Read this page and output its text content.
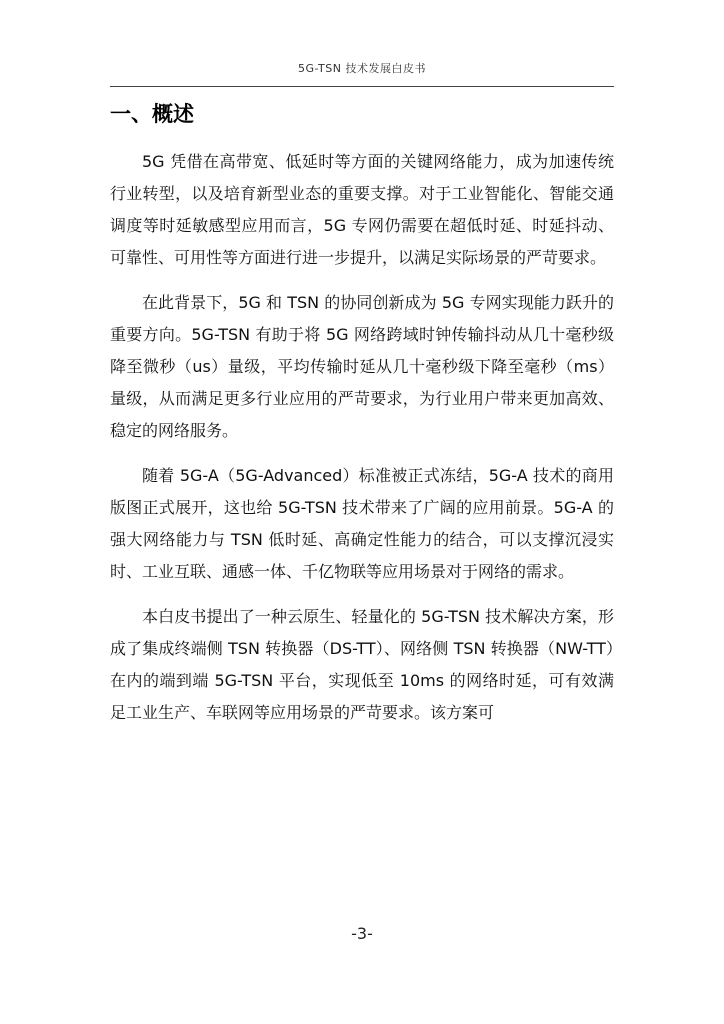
5G-TSN 技术发展白皮书
一、概述

5G 凭借在高带宽、低延时等方面的关键网络能力，成为加速传统行业转型，以及培育新型业态的重要支撑。对于工业智能化、智能交通调度等时延敏感型应用而言，5G 专网仍需要在超低时延、时延抖动、可靠性、可用性等方面进行进一步提升，以满足实际场景的严苛要求。

在此背景下，5G 和 TSN 的协同创新成为 5G 专网实现能力跃升的重要方向。5G-TSN 有助于将 5G 网络跨域时钟传输抖动从几十毫秒级降至微秒（us）量级，平均传输时延从几十毫秒级下降至毫秒（ms）量级，从而满足更多行业应用的严苛要求，为行业用户带来更加高效、稳定的网络服务。

随着 5G-A（5G-Advanced）标准被正式冻结，5G-A 技术的商用版图正式展开，这也给 5G-TSN 技术带来了广阔的应用前景。5G-A 的强大网络能力与 TSN 低时延、高确定性能力的结合，可以支撑沉浸实时、工业互联、通感一体、千亿物联等应用场景对于网络的需求。

本白皮书提出了一种云原生、轻量化的 5G-TSN 技术解决方案，形成了集成终端侧 TSN 转换器（DS-TT）、网络侧 TSN 转换器（NW-TT）在内的端到端 5G-TSN 平台，实现低至 10ms 的网络时延，可有效满足工业生产、车联网等应用场景的严苛要求。该方案可

-3-
